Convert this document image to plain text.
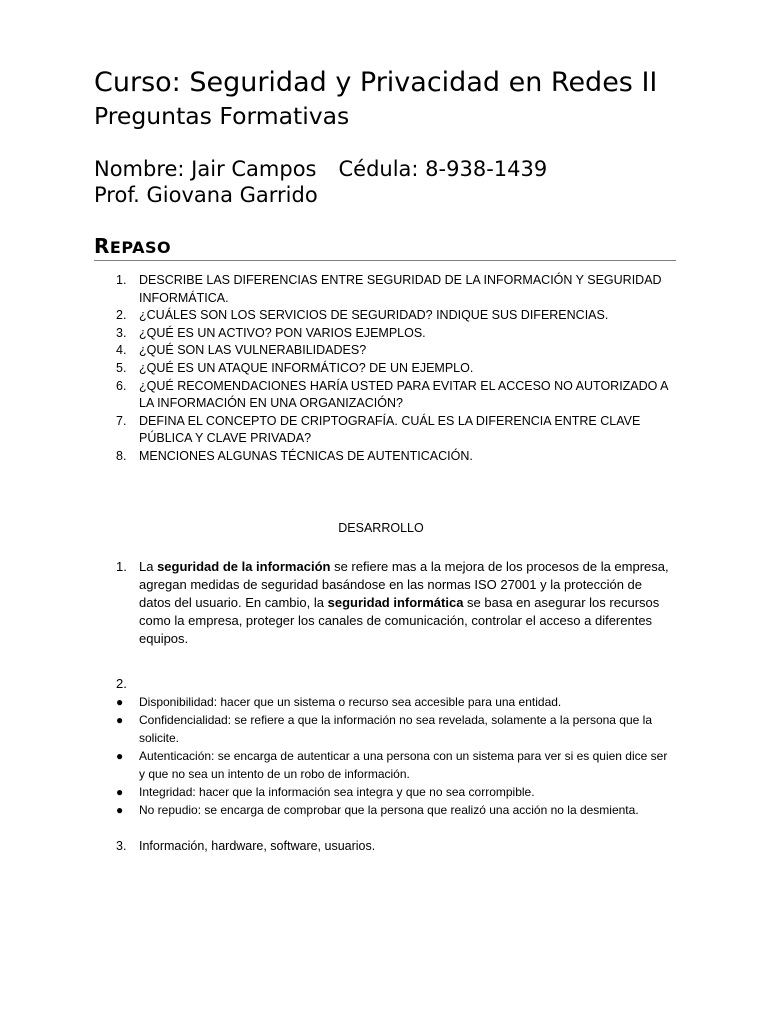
Curso: Seguridad y Privacidad en Redes II
Preguntas Formativas
Nombre: Jair Campos Cédula: 8-938-1439
Prof. Giovana Garrido
REPASO
1. DESCRIBE LAS DIFERENCIAS ENTRE SEGURIDAD DE LA INFORMACIÓN Y SEGURIDAD INFORMÁTICA.
2. ¿CUÁLES SON LOS SERVICIOS DE SEGURIDAD? INDIQUE SUS DIFERENCIAS.
3. ¿QUÉ ES UN ACTIVO? PON VARIOS EJEMPLOS.
4. ¿QUÉ SON LAS VULNERABILIDADES?
5. ¿QUÉ ES UN ATAQUE INFORMÁTICO? DE UN EJEMPLO.
6. ¿QUÉ RECOMENDACIONES HARÍA USTED PARA EVITAR EL ACCESO NO AUTORIZADO A LA INFORMACIÓN EN UNA ORGANIZACIÓN?
7. DEFINA EL CONCEPTO DE CRIPTOGRAFÍA. CUÁL ES LA DIFERENCIA ENTRE CLAVE PÚBLICA Y CLAVE PRIVADA?
8. MENCIONES ALGUNAS TÉCNICAS DE AUTENTICACIÓN.
DESARROLLO
1. La seguridad de la información se refiere mas a la mejora de los procesos de la empresa, agregan medidas de seguridad basándose en las normas ISO 27001 y la protección de datos del usuario. En cambio, la seguridad informática se basa en asegurar los recursos como la empresa, proteger los canales de comunicación, controlar el acceso a diferentes equipos.
2.
● Disponibilidad: hacer que un sistema o recurso sea accesible para una entidad.
● Confidencialidad: se refiere a que la información no sea revelada, solamente a la persona que la solicite.
● Autenticación: se encarga de autenticar a una persona con un sistema para ver si es quien dice ser y que no sea un intento de un robo de información.
● Integridad: hacer que la información sea integra y que no sea corrompible.
● No repudio: se encarga de comprobar que la persona que realizó una acción no la desmienta.
3. Información, hardware, software, usuarios.
